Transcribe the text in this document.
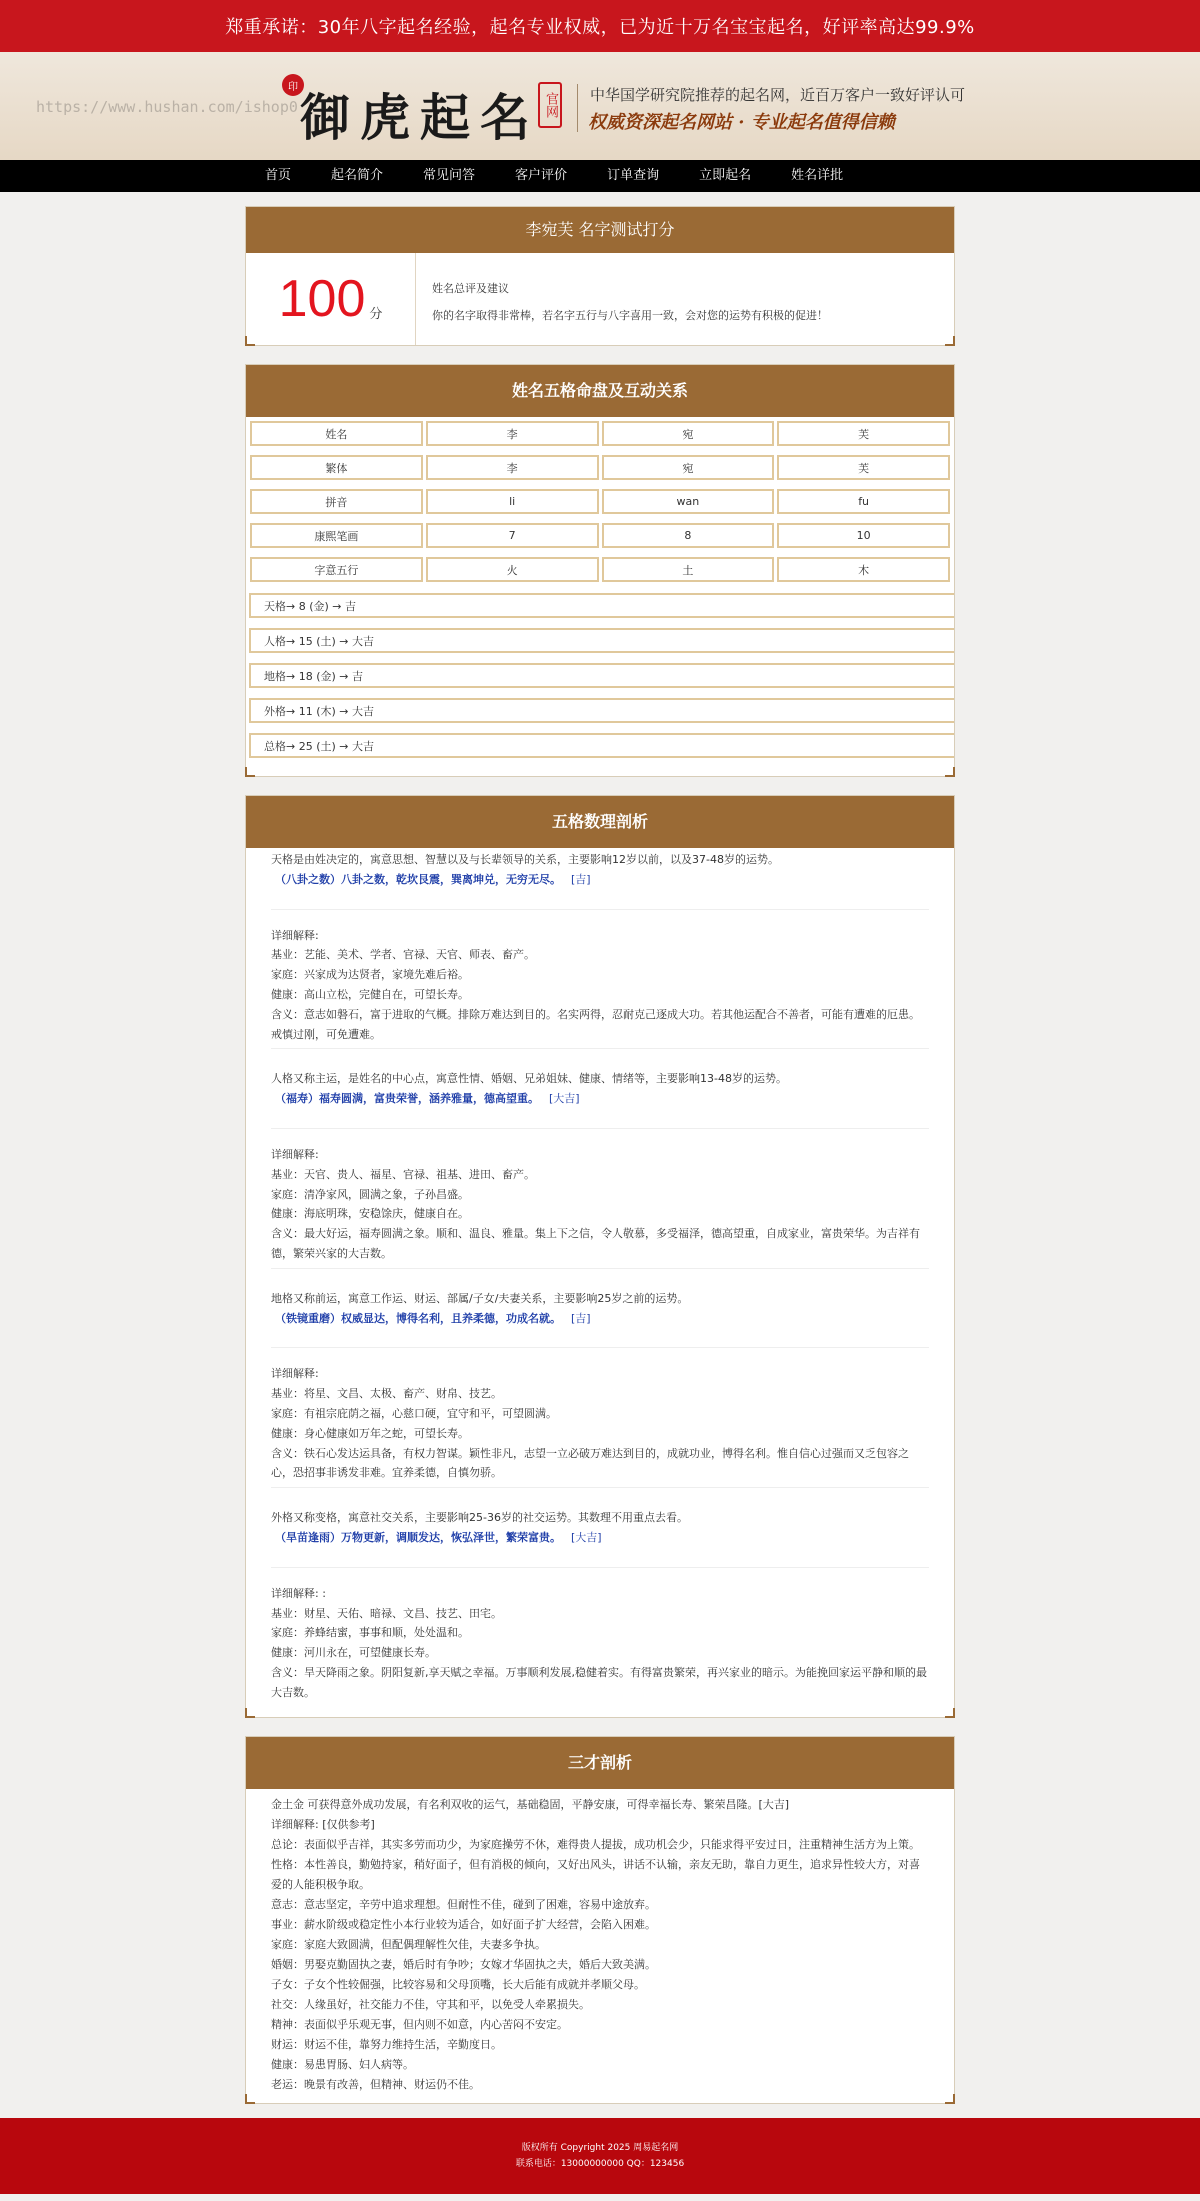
郑重承诺：30年八字起名经验，起名专业权威，已为近十万名宝宝起名，好评率高达99.9%
https://www.hushan.com/ishop0
印
御虎起名 官网 中华国学研究院推荐的起名网，近百万客户一致好评认可
权威资深起名网站 · 专业起名值得信赖
首页	起名简介	常见问答	客户评价	订单查询	立即起名	姓名详批
李宛芙 名字测试打分
100 分
姓名总评及建议
你的名字取得非常棒，若名字五行与八字喜用一致，会对您的运势有积极的促进！
姓名五格命盘及互动关系
姓名	李	宛	芙
繁体	李	宛	芙
拼音	li	wan	fu
康熙笔画	7	8	10
字意五行	火	土	木
天格→ 8 (金) → 吉
人格→ 15 (土) → 大吉
地格→ 18 (金) → 吉
外格→ 11 (木) → 大吉
总格→ 25 (土) → 大吉
五格数理剖析
天格是由姓决定的，寓意思想、智慧以及与长辈领导的关系，主要影响12岁以前，以及37-48岁的运势。
（八卦之数）八卦之数，乾坎艮震，巽离坤兑，无穷无尽。 [吉]
详细解释:
基业：艺能、美术、学者、官禄、天官、师表、畜产。
家庭：兴家成为达贤者，家境先难后裕。
健康：高山立松，完健自在，可望长寿。
含义：意志如磐石，富于进取的气概。排除万难达到目的。名实两得，忍耐克己逐成大功。若其他运配合不善者，可能有遭难的厄患。戒慎过刚，可免遭难。
人格又称主运，是姓名的中心点，寓意性情、婚姻、兄弟姐妹、健康、情绪等，主要影响13-48岁的运势。
（福寿）福寿圆满，富贵荣誉，涵养雅量，德高望重。 [大吉]
详细解释:
基业：天官、贵人、福星、官禄、祖基、进田、畜产。
家庭：清净家风，圆满之象，子孙昌盛。
健康：海底明珠，安稳馀庆，健康自在。
含义：最大好运，福寿圆满之象。顺和、温良、雅量。集上下之信，令人敬慕，多受福泽，德高望重，自成家业，富贵荣华。为吉祥有德，繁荣兴家的大吉数。
地格又称前运，寓意工作运、财运、部属/子女/夫妻关系，主要影响25岁之前的运势。
（铁镜重磨）权威显达，博得名利，且养柔德，功成名就。 [吉]
详细解释:
基业：将星、文昌、太极、畜产、财帛、技艺。
家庭：有祖宗庇荫之福，心慈口硬，宜守和平，可望圆满。
健康：身心健康如万年之蛇，可望长寿。
含义：铁石心发达运具备，有权力智谋。颖性非凡，志望一立必破万难达到目的，成就功业，博得名利。惟自信心过强而又乏包容之心，恐招事非诱发非难。宜养柔德，自慎勿骄。
外格又称变格，寓意社交关系，主要影响25-36岁的社交运势。其数理不用重点去看。
（旱苗逢雨）万物更新，调顺发达，恢弘泽世，繁荣富贵。 [大吉]
详细解释: :
基业：财星、天佑、暗禄、文昌、技艺、田宅。
家庭：养蜂结蜜，事事和顺，处处温和。
健康：河川永在，可望健康长寿。
含义：旱天降雨之象。阴阳复新,享天赋之幸福。万事顺利发展,稳健着实。有得富贵繁荣，再兴家业的暗示。为能挽回家运平静和顺的最大吉数。
三才剖析
金土金 可获得意外成功发展，有名利双收的运气，基础稳固，平静安康，可得幸福长寿、繁荣昌隆。[大吉]
详细解释: [仅供参考]
总论：表面似乎吉祥，其实多劳而功少，为家庭操劳不休，难得贵人提拔，成功机会少，只能求得平安过日，注重精神生活方为上策。
性格：本性善良，勤勉持家，稍好面子，但有消极的倾向，又好出风头，讲话不认输，亲友无助，靠自力更生，追求异性较大方，对喜爱的人能积极争取。
意志：意志坚定，辛劳中追求理想。但耐性不佳，碰到了困难，容易中途放弃。
事业：薪水阶级或稳定性小本行业较为适合，如好面子扩大经营，会陷入困难。
家庭：家庭大致圆满，但配偶理解性欠佳，夫妻多争执。
婚姻：男娶克勤固执之妻，婚后时有争吵；女嫁才华固执之夫，婚后大致美满。
子女：子女个性较倔强，比较容易和父母顶嘴，长大后能有成就并孝顺父母。
社交：人缘虽好，社交能力不佳，守其和平，以免受人牵累损失。
精神：表面似乎乐观无事，但内则不如意，内心苦闷不安定。
财运：财运不佳，靠努力维持生活，辛勤度日。
健康：易患胃肠、妇人病等。
老运：晚景有改善，但精神、财运仍不佳。
版权所有 Copyright 2025 周易起名网
联系电话：13000000000 QQ：123456
